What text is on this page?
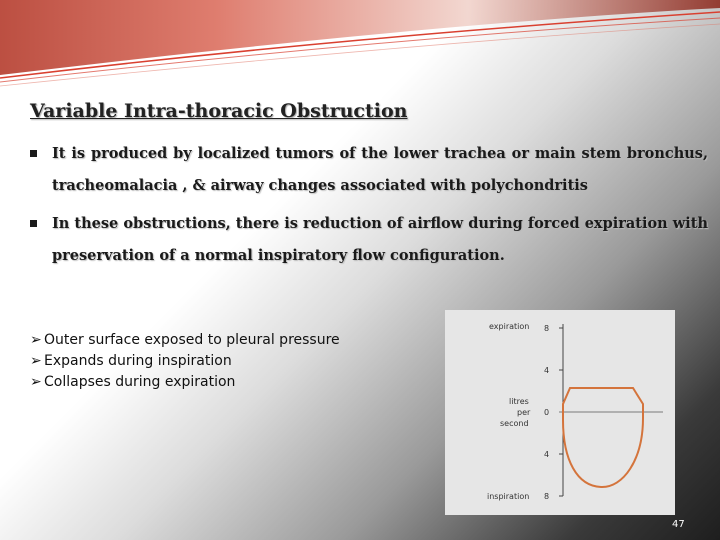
Variable Intra-thoracic Obstruction
It is produced by localized tumors of the lower trachea or main stem bronchus, tracheomalacia , & airway changes associated with polychondritis
In these obstructions, there is reduction of airflow during forced expiration with preservation of a normal inspiratory flow configuration.
➢ Outer surface exposed to pleural pressure
➢ Expands during inspiration
➢ Collapses during expiration
expiration
inspiration
litres
per
second
8
4
0
4
8
47
